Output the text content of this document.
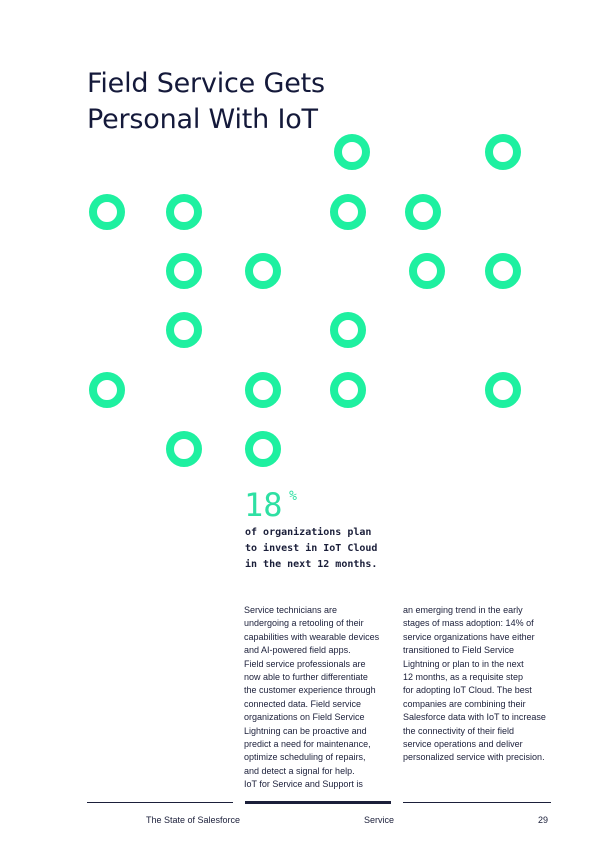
Field Service Gets
Personal With IoT
18 %

of organizations plan
to invest in IoT Cloud
in the next 12 months.

Service technicians are
undergoing a retooling of their
capabilities with wearable devices
and AI-powered field apps.
Field service professionals are
now able to further differentiate
the customer experience through
connected data. Field service
organizations on Field Service
Lightning can be proactive and
predict a need for maintenance,
optimize scheduling of repairs,
and detect a signal for help.
IoT for Service and Support is

an emerging trend in the early
stages of mass adoption: 14% of
service organizations have either
transitioned to Field Service
Lightning or plan to in the next
12 months, as a requisite step
for adopting IoT Cloud. The best
companies are combining their
Salesforce data with IoT to increase
the connectivity of their field
service operations and deliver
personalized service with precision.

The State of Salesforce	Service	29
